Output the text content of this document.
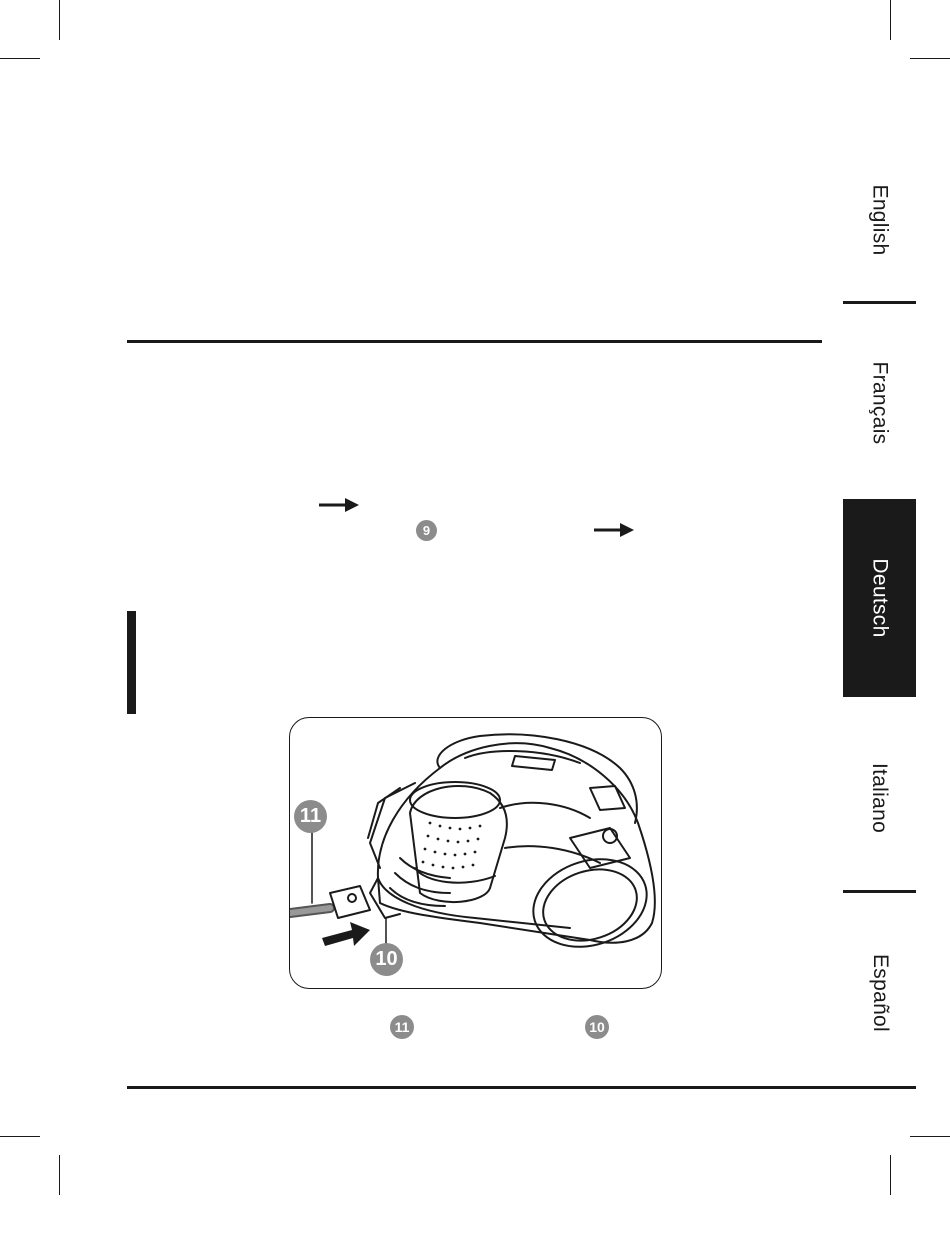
English
Français
Deutsch
Italiano
Español
9
11
10
11	10
